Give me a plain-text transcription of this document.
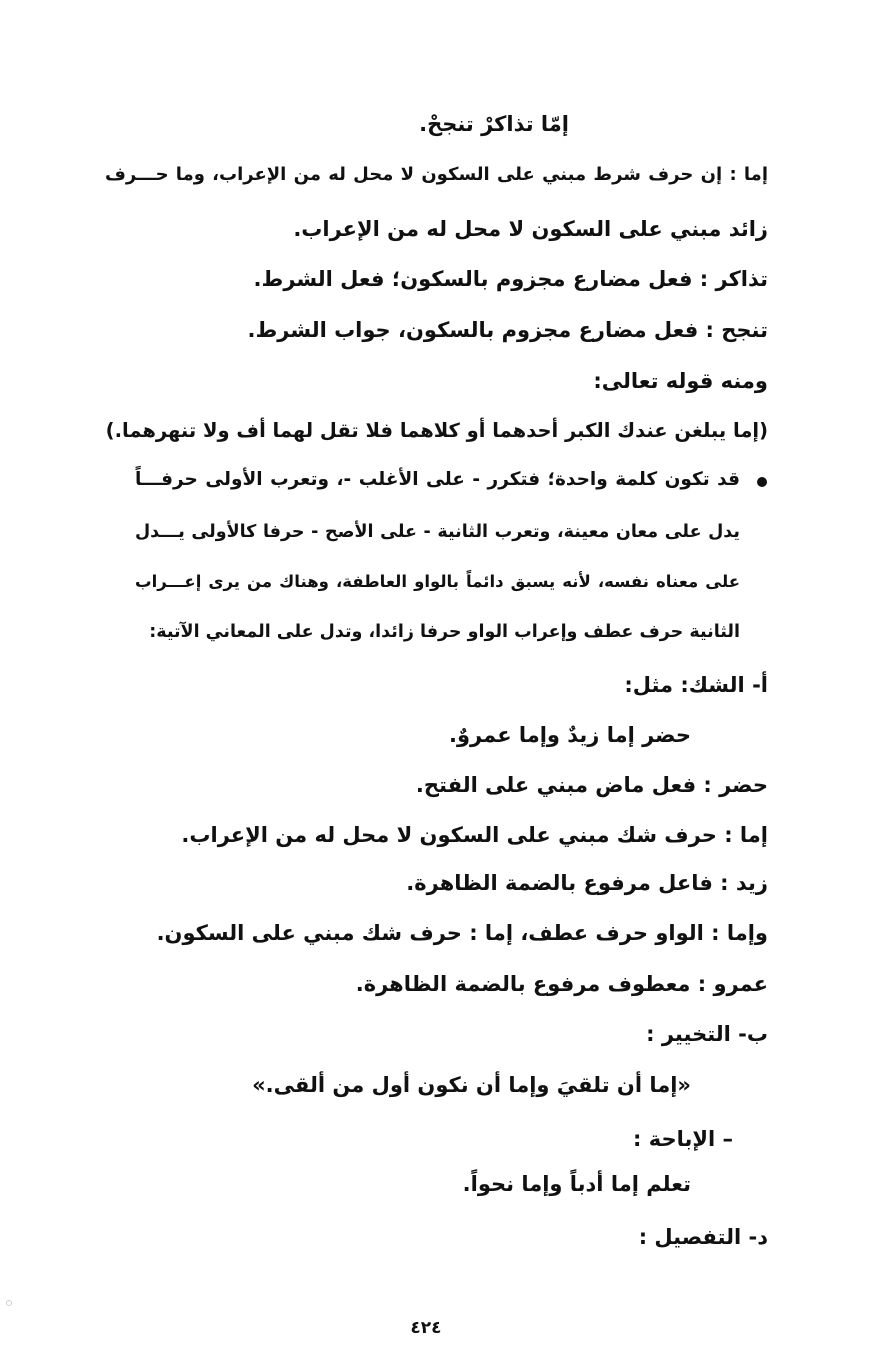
إمّا تذاكرْ تنجحْ.
إما : إن حرف شرط مبني على السكون لا محل له من الإعراب، وما حـــرف
زائد مبني على السكون لا محل له من الإعراب.
تذاكر : فعل مضارع مجزوم بالسكون؛ فعل الشرط.
تنجح : فعل مضارع مجزوم بالسكون، جواب الشرط.
ومنه قوله تعالى:
(إما يبلغن عندك الكبر أحدهما أو كلاهما فلا تقل لهما أف ولا تنهرهما.)
قد تكون كلمة واحدة؛ فتكرر - على الأغلب -، وتعرب الأولى حرفـــاً
يدل على معان معينة، وتعرب الثانية - على الأصح - حرفا كالأولى يـــدل
على معناه نفسه، لأنه يسبق دائماً بالواو العاطفة، وهناك من يرى إعـــراب
الثانية حرف عطف وإعراب الواو حرفا زائدا، وتدل على المعاني الآتية:
أ- الشك: مثل:
حضر إما زيدٌ وإما عمروٌ.
حضر : فعل ماض مبني على الفتح.
إما : حرف شك مبني على السكون لا محل له من الإعراب.
زيد : فاعل مرفوع بالضمة الظاهرة.
وإما : الواو حرف عطف، إما : حرف شك مبني على السكون.
عمرو : معطوف مرفوع بالضمة الظاهرة.
ب- التخيير :
«إما أن تلقيَ وإما أن نكون أول من ألقى.»
– الإباحة :
تعلم إما أدباً وإما نحواً.
د- التفصيل :
٤٢٤
